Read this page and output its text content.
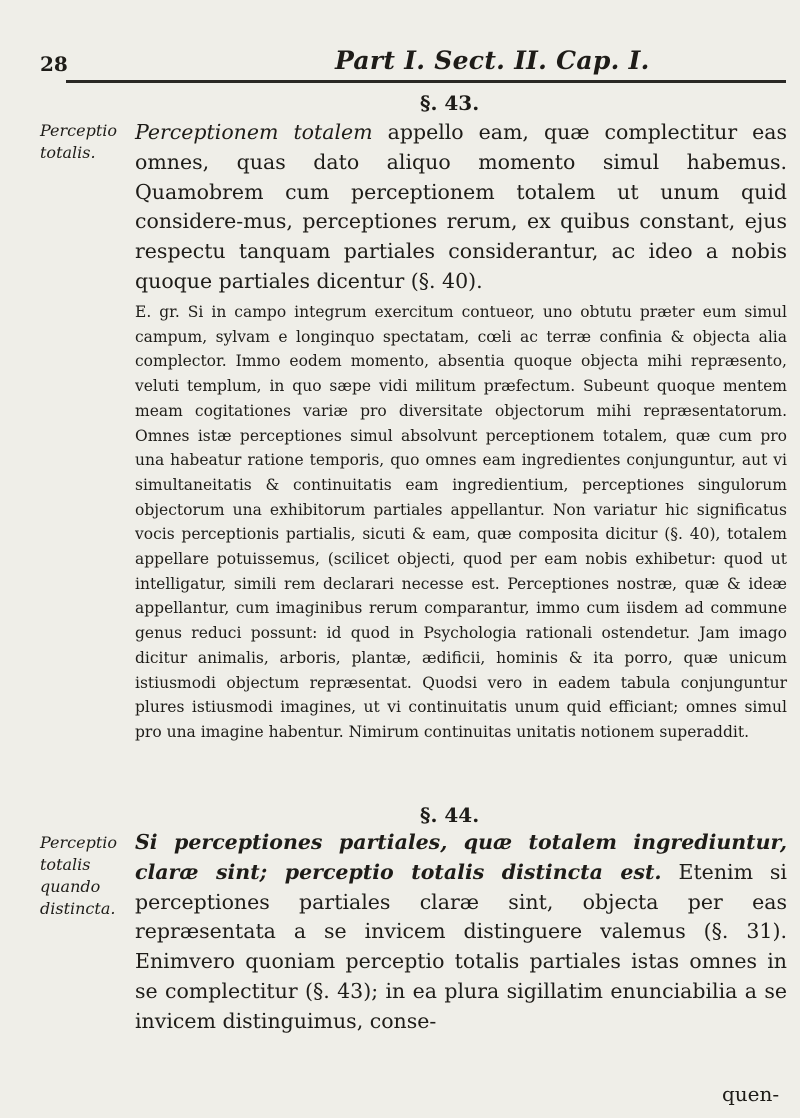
28	Part I. Sect. II. Cap. I.
§. 43.
Perceptio totalis.

Perceptionem totalem appello eam, quæ complectitur eas omnes, quas dato aliquo momento simul habemus. Quamobrem cum perceptionem totalem ut unum quid considere-mus, perceptiones rerum, ex quibus constant, ejus respectu tanquam partiales considerantur, ac ideo a nobis quoque partiales dicentur (§. 40).

E. gr. Si in campo integrum exercitum contueor, uno obtutu præter eum simul campum, sylvam e longinquo spectatam, cœli ac terræ confinia & objecta alia complector. Immo eodem momento, absentia quoque objecta mihi repræsento, veluti templum, in quo sæpe vidi militum præfectum. Subeunt quoque mentem meam cogitationes variæ pro diversitate objectorum mihi repræsentatorum. Omnes istæ perceptiones simul absolvunt perceptionem totalem, quæ cum pro una habeatur ratione temporis, quo omnes eam ingredientes conjunguntur, aut vi simultaneitatis & continuitatis eam ingredientium, perceptiones singulorum objectorum una exhibitorum partiales appellantur. Non variatur hic significatus vocis perceptionis partialis, sicuti & eam, quæ composita dicitur (§. 40), totalem appellare potuissemus, (scilicet objecti, quod per eam nobis exhibetur: quod ut intelligatur, simili rem declarari necesse est. Perceptiones nostræ, quæ & ideæ appellantur, cum imaginibus rerum comparantur, immo cum iisdem ad commune genus reduci possunt: id quod in Psychologia rationali ostendetur. Jam imago dicitur animalis, arboris, plantæ, ædificii, hominis & ita porro, quæ unicum istiusmodi objectum repræsentat. Quodsi vero in eadem tabula conjunguntur plures istiusmodi imagines, ut vi continuitatis unum quid efficiant; omnes simul pro una imagine habentur. Nimirum continuitas unitatis notionem superaddit.

§. 44.
Perceptio totalis quando distincta.

Si perceptiones partiales, quæ totalem ingrediuntur, claræ sint; perceptio totalis distincta est. Etenim si perceptiones partiales claræ sint, objecta per eas repræsentata a se invicem distinguere valemus (§. 31). Enimvero quoniam perceptio totalis partiales istas omnes in se complectitur (§. 43); in ea plura sigillatim enunciabilia a se invicem distinguimus, conse-

quen-
